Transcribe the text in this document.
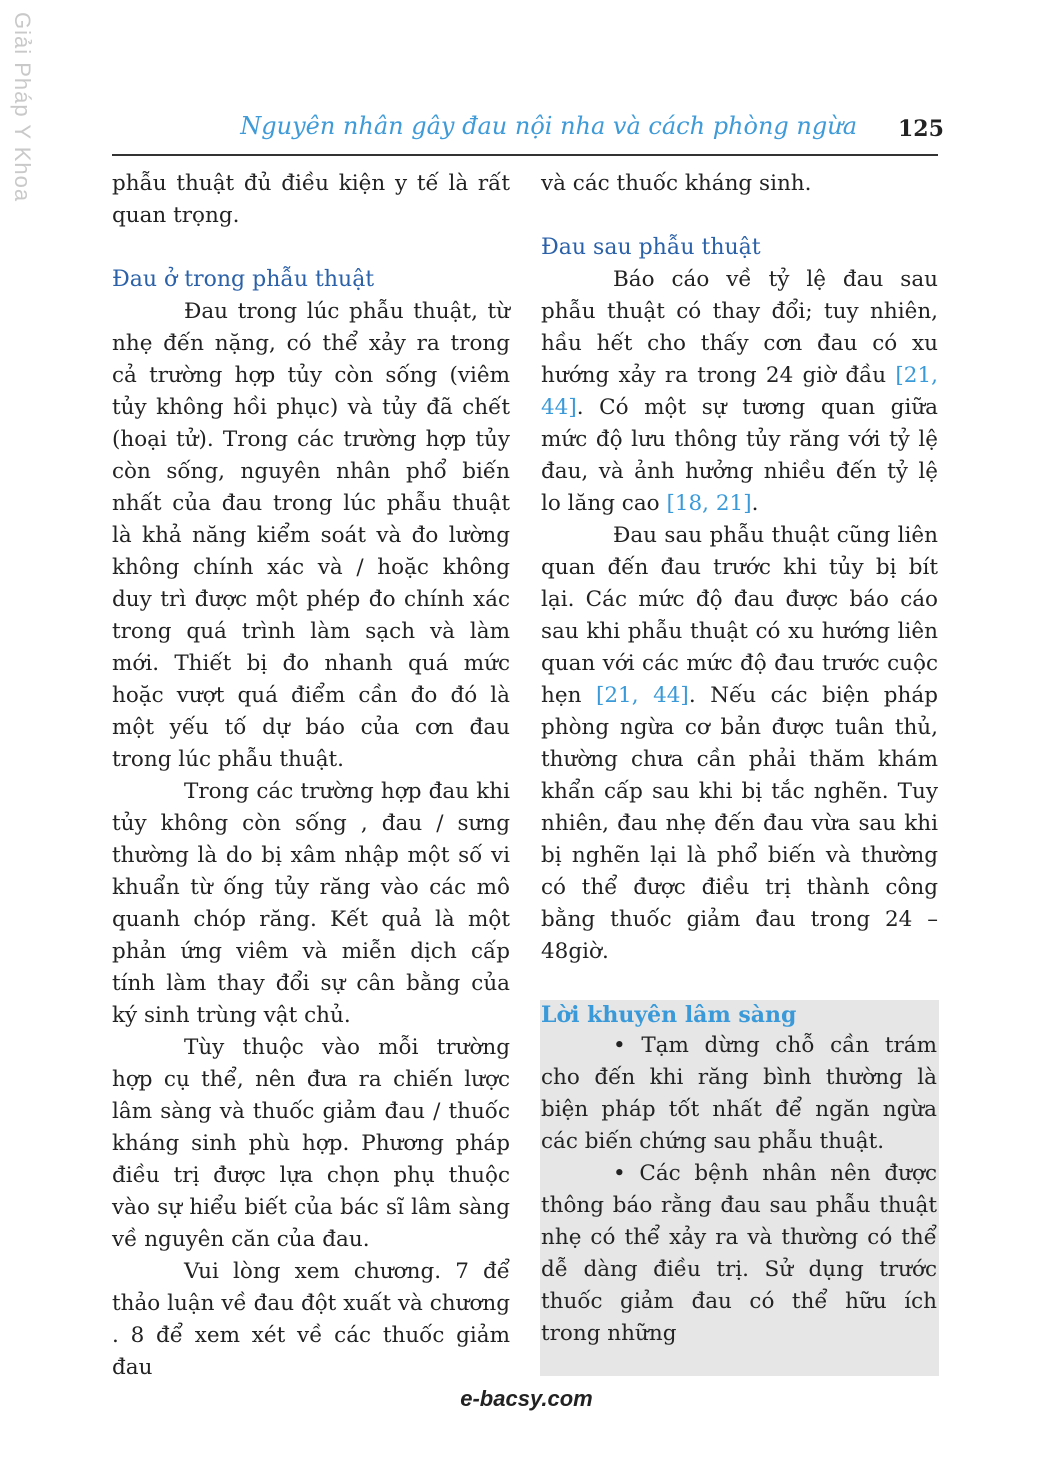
Giải Pháp Y Khoa	Nguyên nhân gây đau nội nha và cách phòng ngừa 125

phẫu thuật đủ điều kiện y tế là rất quan trọng.

Đau ở trong phẫu thuật

Đau trong lúc phẫu thuật, từ nhẹ đến nặng, có thể xảy ra trong cả trường hợp tủy còn sống (viêm tủy không hồi phục) và tủy đã chết (hoại tử). Trong các trường hợp tủy còn sống, nguyên nhân phổ biến nhất của đau trong lúc phẫu thuật là khả năng kiểm soát và đo lường không chính xác và / hoặc không duy trì được một phép đo chính xác trong quá trình làm sạch và làm mới. Thiết bị đo nhanh quá mức hoặc vượt quá điểm cần đo đó là một yếu tố dự báo của cơn đau trong lúc phẫu thuật.

Trong các trường hợp đau khi tủy không còn sống , đau / sưng thường là do bị xâm nhập một số vi khuẩn từ ống tủy răng vào các mô quanh chóp răng. Kết quả là một phản ứng viêm và miễn dịch cấp tính làm thay đổi sự cân bằng của ký sinh trùng vật chủ.

Tùy thuộc vào mỗi trường hợp cụ thể, nên đưa ra chiến lược lâm sàng và thuốc giảm đau / thuốc kháng sinh phù hợp. Phương pháp điều trị được lựa chọn phụ thuộc vào sự hiểu biết của bác sĩ lâm sàng về nguyên căn của đau.

Vui lòng xem chương. 7 để thảo luận về đau đột xuất và chương . 8 để xem xét về các thuốc giảm đau

và các thuốc kháng sinh.

Đau sau phẫu thuật

Báo cáo về tỷ lệ đau sau phẫu thuật có thay đổi; tuy nhiên, hầu hết cho thấy cơn đau có xu hướng xảy ra trong 24 giờ đầu [21, 44]. Có một sự tương quan giữa mức độ lưu thông tủy răng với tỷ lệ đau, và ảnh hưởng nhiều đến tỷ lệ lo lăng cao [18, 21].

Đau sau phẫu thuật cũng liên quan đến đau trước khi tủy bị bít lại. Các mức độ đau được báo cáo sau khi phẫu thuật có xu hướng liên quan với các mức độ đau trước cuộc hẹn [21, 44]. Nếu các biện pháp phòng ngừa cơ bản được tuân thủ, thường chưa cần phải thăm khám khẩn cấp sau khi bị tắc nghẽn. Tuy nhiên, đau nhẹ đến đau vừa sau khi bị nghẽn lại là phổ biến và thường có thể được điều trị thành công bằng thuốc giảm đau trong 24 – 48giờ.

Lời khuyên lâm sàng

• Tạm dừng chỗ cần trám cho đến khi răng bình thường là biện pháp tốt nhất để ngăn ngừa các biến chứng sau phẫu thuật.

• Các bệnh nhân nên được thông báo rằng đau sau phẫu thuật nhẹ có thể xảy ra và thường có thể dễ dàng điều trị. Sử dụng trước thuốc giảm đau có thể hữu ích trong những

e-bacsy.com
